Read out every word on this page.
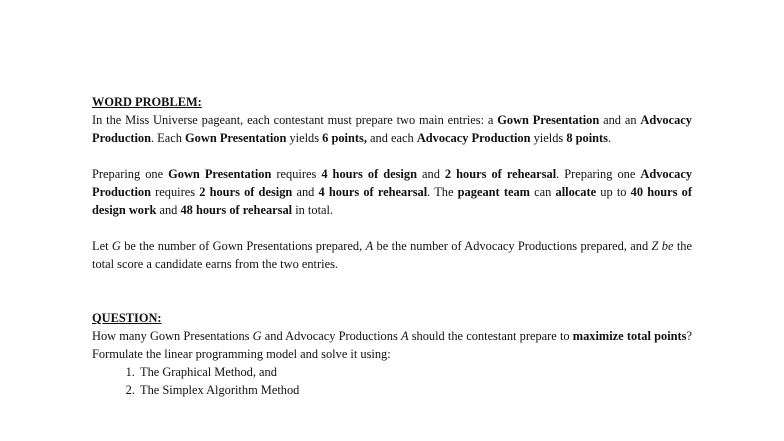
WORD PROBLEM:

In the Miss Universe pageant, each contestant must prepare two main entries: a Gown Presentation and an Advocacy Production. Each Gown Presentation yields 6 points, and each Advocacy Production yields 8 points.

Preparing one Gown Presentation requires 4 hours of design and 2 hours of rehearsal. Preparing one Advocacy Production requires 2 hours of design and 4 hours of rehearsal. The pageant team can allocate up to 40 hours of design work and 48 hours of rehearsal in total.

Let G be the number of Gown Presentations prepared, A be the number of Advocacy Productions prepared, and Z be the total score a candidate earns from the two entries.

QUESTION:

How many Gown Presentations G and Advocacy Productions A should the contestant prepare to maximize total points? Formulate the linear programming model and solve it using:

1. The Graphical Method, and
2. The Simplex Algorithm Method
